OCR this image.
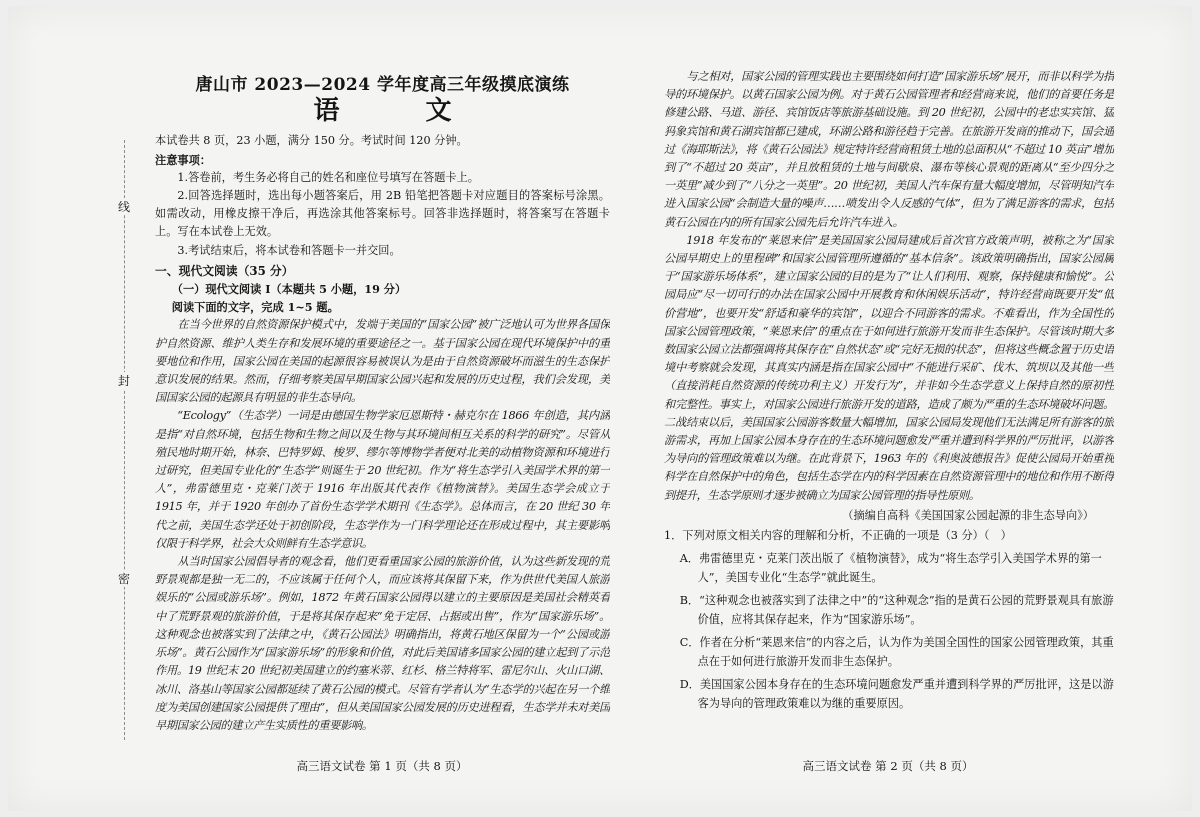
线
封
密
唐山市 2023—2024 学年度高三年级摸底演练
语　文

本试卷共 8 页，23 小题，满分 150 分。考试时间 120 分钟。

注意事项：

1.答卷前，考生务必将自己的姓名和座位号填写在答题卡上。

2.回答选择题时，选出每小题答案后，用 2B 铅笔把答题卡对应题目的答案标号涂黑。如需改动，用橡皮擦干净后，再选涂其他答案标号。回答非选择题时，将答案写在答题卡上。写在本试卷上无效。

3.考试结束后，将本试卷和答题卡一并交回。

一、现代文阅读（35 分）

（一）现代文阅读 I（本题共 5 小题，19 分）

阅读下面的文字，完成 1~5 题。

在当今世界的自然资源保护模式中，发端于美国的“国家公园”被广泛地认可为世界各国保护自然资源、维护人类生存和发展环境的重要途径之一。基于国家公园在现代环境保护中的重要地位和作用，国家公园在美国的起源很容易被误认为是由于自然资源破坏而滋生的生态保护意识发展的结果。然而，仔细考察美国早期国家公园兴起和发展的历史过程，我们会发现，美国国家公园的起源具有明显的非生态导向。

“Ecology”（生态学）一词是由德国生物学家厄恩斯特・赫克尔在 1866 年创造，其内涵是指“对自然环境，包括生物和生物之间以及生物与其环境间相互关系的科学的研究”。尽管从殖民地时期开始，林奈、巴特罗姆、梭罗、缪尔等博物学者便对北美的动植物资源和环境进行过研究，但美国专业化的“生态学”则诞生于 20 世纪初。作为“将生态学引入美国学术界的第一人”，弗雷德里克・克莱门茨于 1916 年出版其代表作《植物演替》。美国生态学会成立于 1915 年，并于 1920 年创办了首份生态学学术期刊《生态学》。总体而言，在 20 世纪 30 年代之前，美国生态学还处于初创阶段，生态学作为一门科学理论还在形成过程中，其主要影响仅限于科学界，社会大众则鲜有生态学意识。

从当时国家公园倡导者的观念看，他们更看重国家公园的旅游价值，认为这些新发现的荒野景观都是独一无二的，不应该属于任何个人，而应该将其保留下来，作为供世代美国人旅游娱乐的“公园或游乐场”。例如，1872 年黄石国家公园得以建立的主要原因是美国社会精英看中了荒野景观的旅游价值，于是将其保存起来“免于定居、占据或出售”，作为“国家游乐场”。这种观念也被落实到了法律之中，《黄石公园法》明确指出，将黄石地区保留为一个“公园或游乐场”。黄石公园作为“国家游乐场”的形象和价值，对此后美国诸多国家公园的建立起到了示范作用。19 世纪末 20 世纪初美国建立的约塞米蒂、红杉、格兰特将军、雷尼尔山、火山口湖、冰川、洛基山等国家公园都延续了黄石公园的模式。尽管有学者认为“生态学的兴起在另一个维度为美国创建国家公园提供了理由”，但从美国国家公园发展的历史进程看，生态学并未对美国早期国家公园的建立产生实质性的重要影响。

与之相对，国家公园的管理实践也主要围绕如何打造“国家游乐场”展开，而非以科学为指导的环境保护。以黄石国家公园为例。对于黄石公园管理者和经营商来说，他们的首要任务是修建公路、马道、游径、宾馆饭店等旅游基础设施。到 20 世纪初，公园中的老忠实宾馆、猛犸象宾馆和黄石湖宾馆都已建成，环湖公路和游径趋于完善。在旅游开发商的推动下，国会通过《海耶斯法》，将《黄石公园法》规定特许经营商租赁土地的总面积从“不超过 10 英亩”增加到了“不超过 20 英亩”，并且放租赁的土地与间歇泉、瀑布等核心景观的距离从“至少四分之一英里”减少到了“八分之一英里”。20 世纪初，美国人汽车保有量大幅度增加，尽管明知汽车进入国家公园“会制造大量的噪声……喷发出令人反感的气体”，但为了满足游客的需求，包括黄石公园在内的所有国家公园先后允许汽车进入。

1918 年发布的“莱恩来信”是美国国家公园局建成后首次官方政策声明，被称之为“国家公园早期史上的里程碑”和国家公园管理所遵循的“基本信条”。该政策明确指出，国家公园属于“国家游乐场体系”，建立国家公园的目的是为了“让人们利用、观察，保持健康和愉悦”。公园局应“尽一切可行的办法在国家公园中开展教育和休闲娱乐活动”，特许经营商既要开发“低价营地”，也要开发“舒适和豪华的宾馆”，以迎合不同游客的需求。不难看出，作为全国性的国家公园管理政策，“莱恩来信”的重点在于如何进行旅游开发而非生态保护。尽管该时期大多数国家公园立法都强调将其保存在“自然状态”或“完好无损的状态”，但将这些概念置于历史语境中考察就会发现，其真实内涵是指在国家公园中“不能进行采矿、伐木、筑坝以及其他一些（直接消耗自然资源的传统功利主义）开发行为”，并非如今生态学意义上保持自然的原初性和完整性。事实上，对国家公园进行旅游开发的道路，造成了颇为严重的生态环境破坏问题。二战结束以后，美国国家公园游客数量大幅增加，国家公园局发现他们无法满足所有游客的旅游需求，再加上国家公园本身存在的生态环境问题愈发严重并遭到科学界的严厉批评，以游客为导向的管理政策难以为继。在此背景下，1963 年的《利奥波德报告》促使公园局开始重视科学在自然保护中的角色，包括生态学在内的科学因素在自然资源管理中的地位和作用不断得到提升，生态学原则才逐步被确立为国家公园管理的指导性原则。

（摘编自高科《美国国家公园起源的非生态导向》）

1．下列对原文相关内容的理解和分析，不正确的一项是（3 分）（　）

A．弗雷德里克・克莱门茨出版了《植物演替》，成为“将生态学引入美国学术界的第一人”，美国专业化“生态学”就此诞生。

B．“这种观念也被落实到了法律之中”的“这种观念”指的是黄石公园的荒野景观具有旅游价值，应将其保存起来，作为“国家游乐场”。

C．作者在分析“莱恩来信”的内容之后，认为作为美国全国性的国家公园管理政策，其重点在于如何进行旅游开发而非生态保护。

D．美国国家公园本身存在的生态环境问题愈发严重并遭到科学界的严厉批评，这是以游客为导向的管理政策难以为继的重要原因。

高三语文试卷 第 1 页（共 8 页）	高三语文试卷 第 2 页（共 8 页）
